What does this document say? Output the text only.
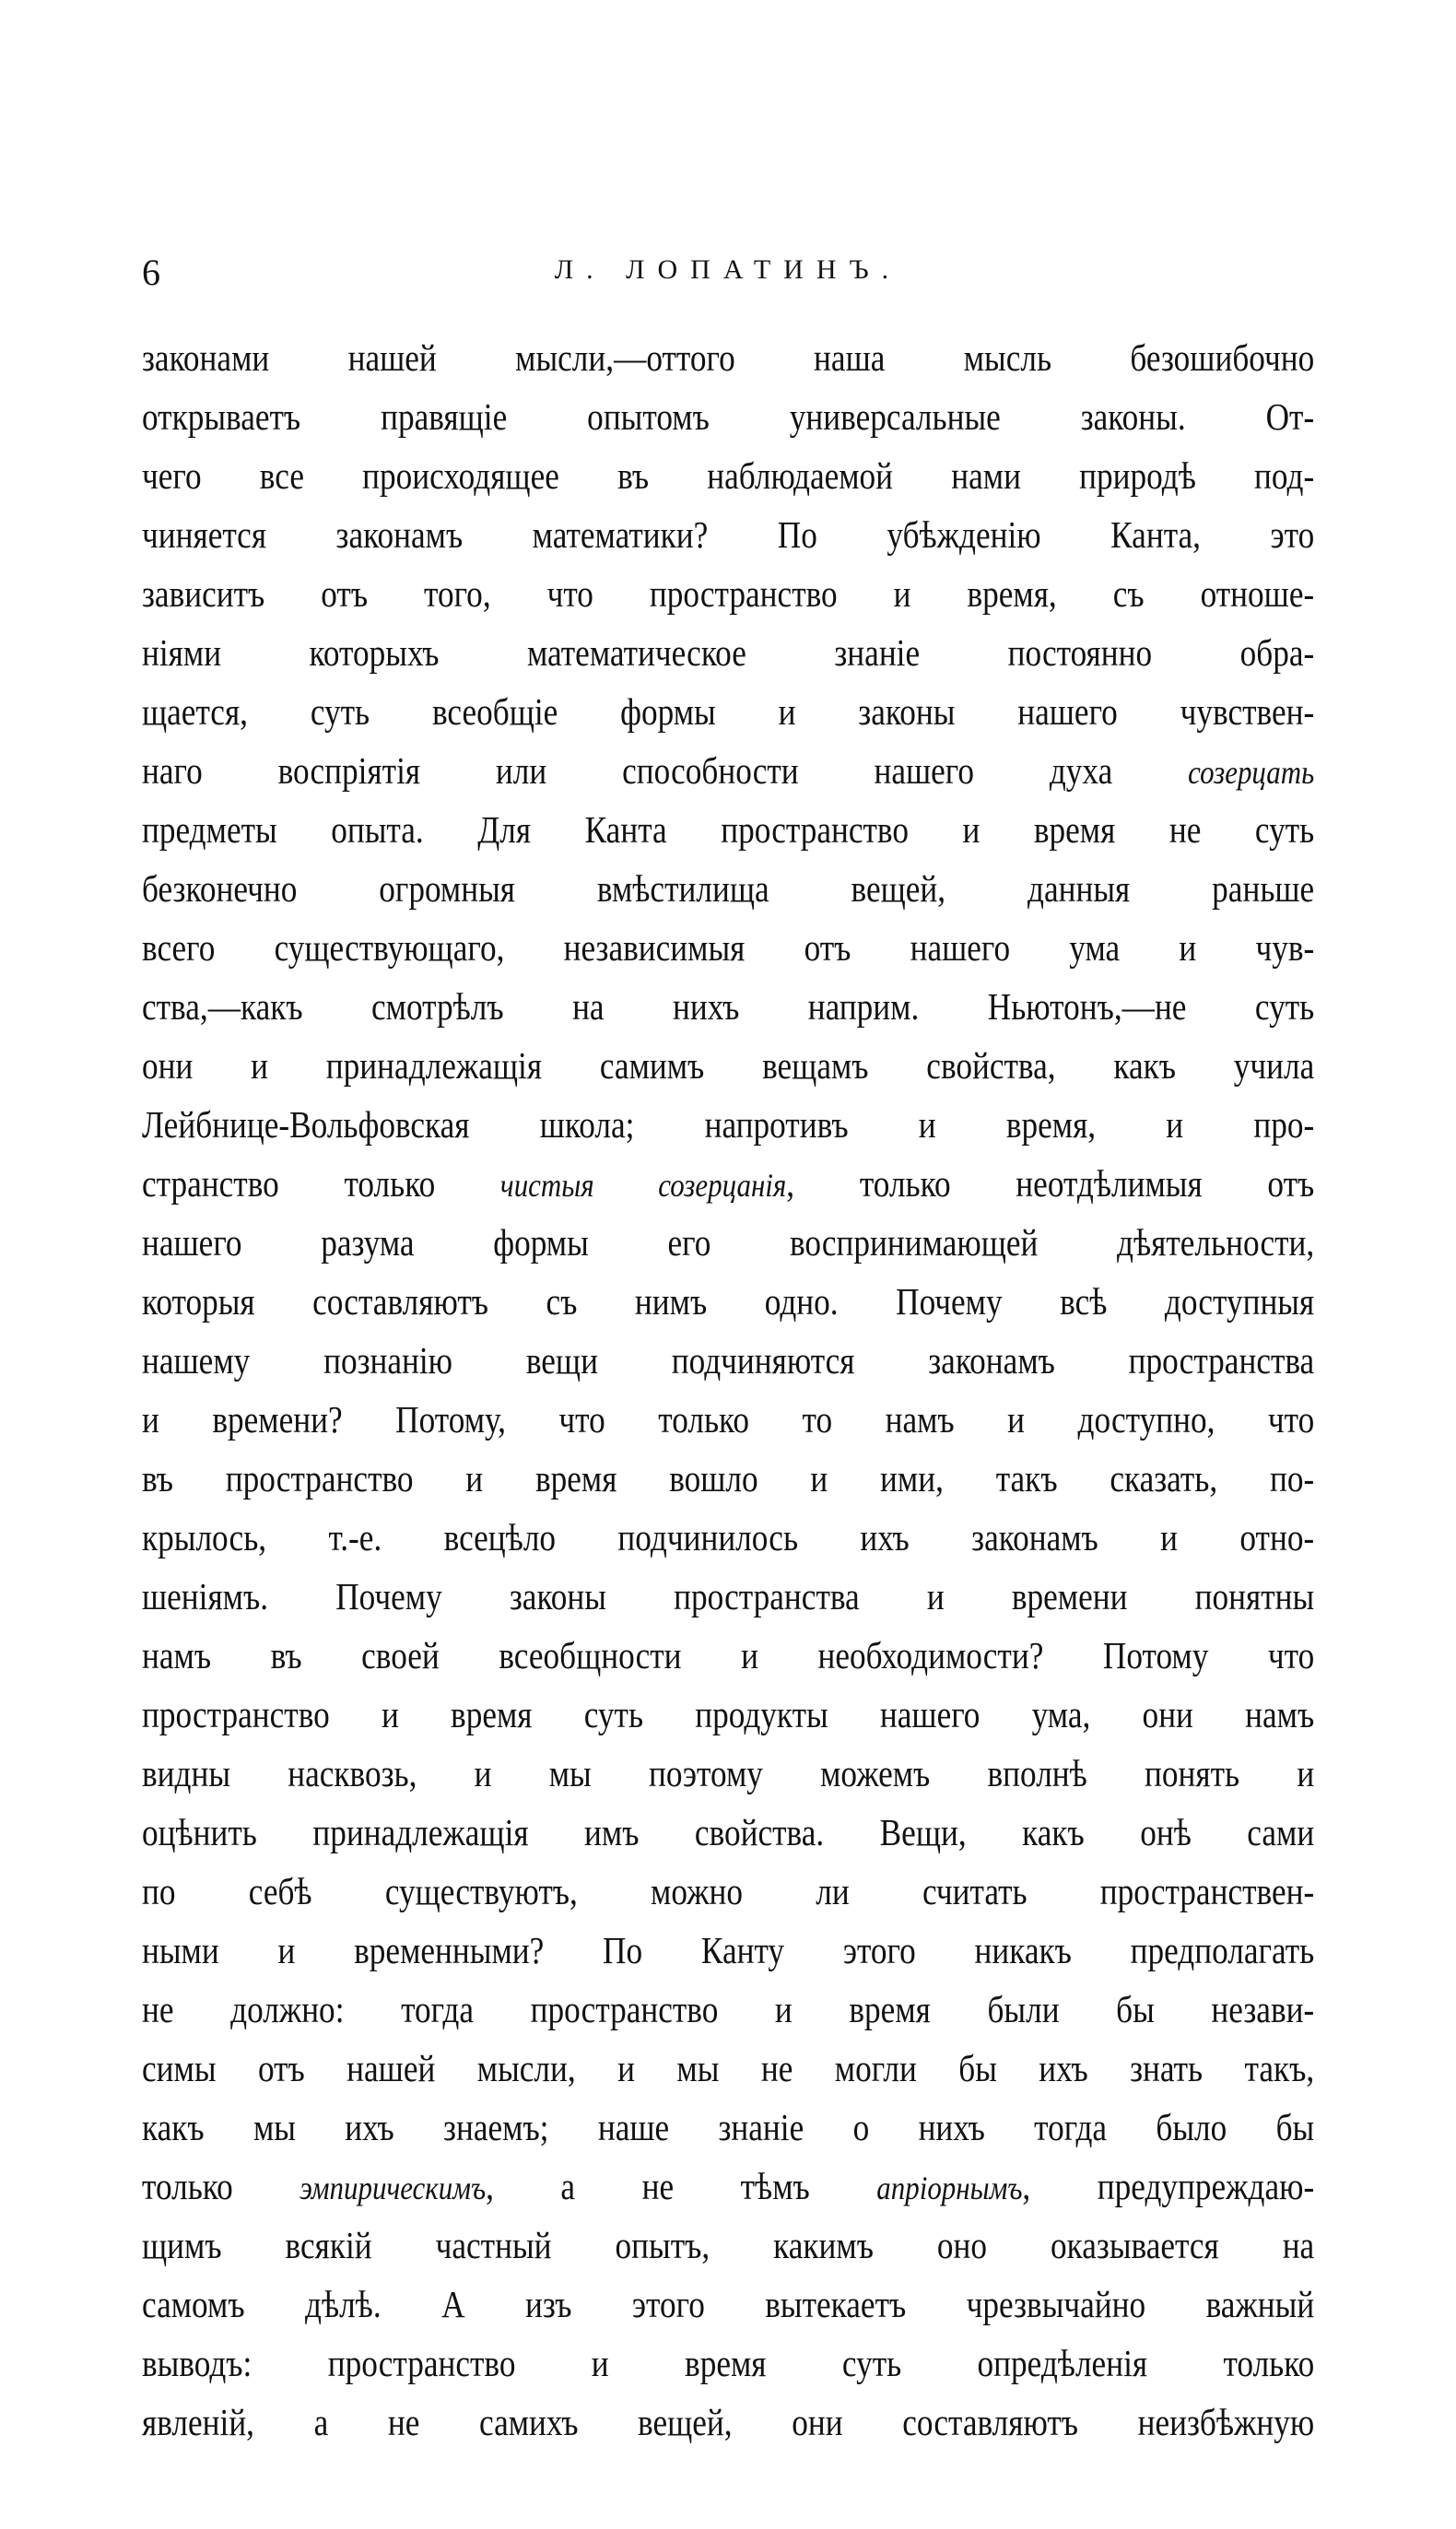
6	Л. ЛОПАТИНЪ.
законами нашей мысли,—оттого наша мысль безошибочно
открываетъ правящіе опытомъ универсальные законы. От-
чего все происходящее въ наблюдаемой нами природѣ под-
чиняется законамъ математики? По убѣжденію Канта, это
зависитъ отъ того, что пространство и время, съ отноше-
ніями которыхъ математическое знаніе постоянно обра-
щается, суть всеобщіе формы и законы нашего чувствен-
наго воспріятія или способности нашего духа созерцать
предметы опыта. Для Канта пространство и время не суть
безконечно огромныя вмѣстилища вещей, данныя раньше
всего существующаго, независимыя отъ нашего ума и чув-
ства,—какъ смотрѣлъ на нихъ наприм. Ньютонъ,—не суть
они и принадлежащія самимъ вещамъ свойства, какъ учила
Лейбнице-Вольфовская школа; напротивъ и время, и про-
странство только чистыя созерцанія, только неотдѣлимыя отъ
нашего разума формы его воспринимающей дѣятельности,
которыя составляютъ съ нимъ одно. Почему всѣ доступныя
нашему познанію вещи подчиняются законамъ пространства
и времени? Потому, что только то намъ и доступно, что
въ пространство и время вошло и ими, такъ сказать, по-
крылось, т.-е. всецѣло подчинилось ихъ законамъ и отно-
шеніямъ. Почему законы пространства и времени понятны
намъ въ своей всеобщности и необходимости? Потому что
пространство и время суть продукты нашего ума, они намъ
видны насквозь, и мы поэтому можемъ вполнѣ понять и
оцѣнить принадлежащія имъ свойства. Вещи, какъ онѣ сами
по себѣ существуютъ, можно ли считать пространствен-
ными и временными? По Канту этого никакъ предполагать
не должно: тогда пространство и время были бы незави-
симы отъ нашей мысли, и мы не могли бы ихъ знать такъ,
какъ мы ихъ знаемъ; наше знаніе о нихъ тогда было бы
только эмпирическимъ, а не тѣмъ апріорнымъ, предупреждаю-
щимъ всякій частный опытъ, какимъ оно оказывается на
самомъ дѣлѣ. А изъ этого вытекаетъ чрезвычайно важный
выводъ: пространство и время суть опредѣленія только
явленій, а не самихъ вещей, они составляютъ неизбѣжную
